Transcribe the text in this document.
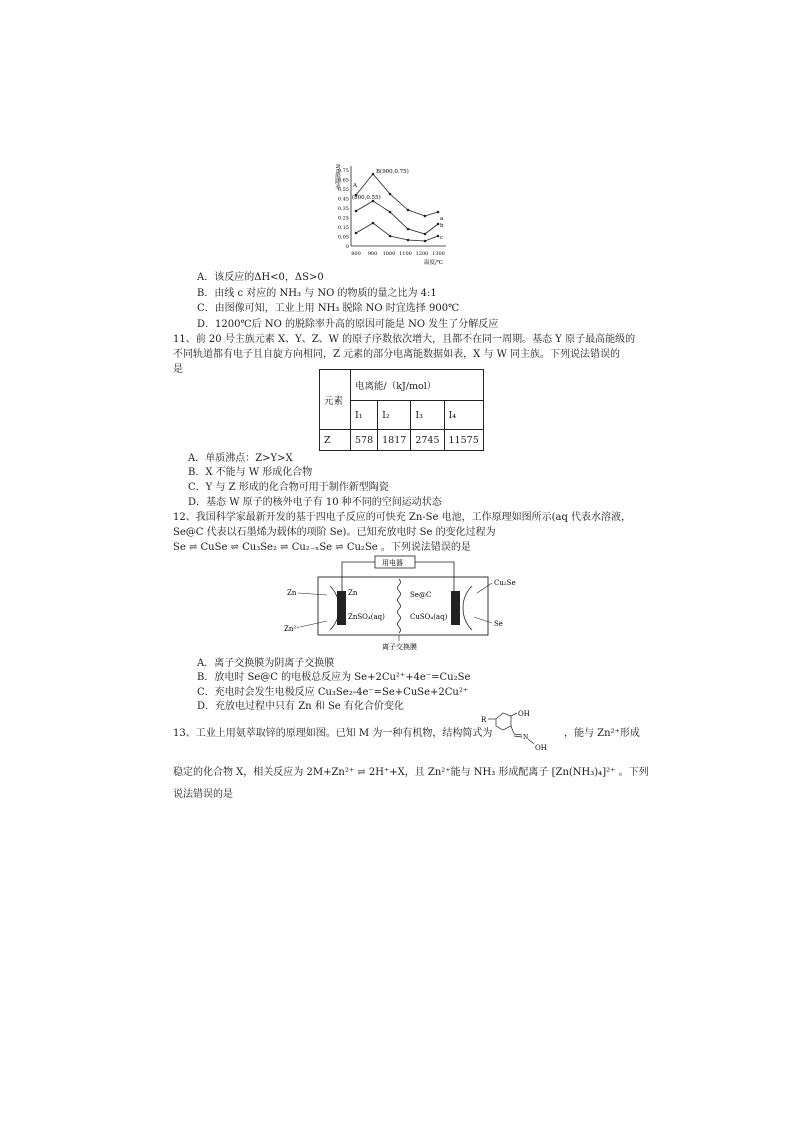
NO脱除率
0.75
0.65
0.55
0.45
0.35
0.25
0.15
0.05
0
800 900 1000 1100 1200 1300
温度/℃
A
(800,0.55)
B(900,0.75)
a
b
c
A．该反应的ΔH<0，ΔS>0
B．由线 c 对应的 NH₃ 与 NO 的物质的量之比为 4:1
C．由图像可知，工业上用 NH₃ 脱除 NO 时宜选择 900℃
D．1200℃后 NO 的脱除率升高的原因可能是 NO 发生了分解反应
11、前 20 号主族元素 X、Y、Z、W 的原子序数依次增大，且都不在同一周期。基态 Y 原子最高能级的
不同轨道都有电子且自旋方向相同，Z 元素的部分电离能数据如表，X 与 W 同主族。下列说法错误的
是
元素	电离能/（kJ/mol）			
	I₁	I₂	I₃	I₄
Z	578	1817	2745	11575
A．单质沸点：Z>Y>X
B．X 不能与 W 形成化合物
C．Y 与 Z 形成的化合物可用于制作新型陶瓷
D．基态 W 原子的核外电子有 10 种不同的空间运动状态
12、我国科学家最新开发的基于四电子反应的可快充 Zn-Se 电池，工作原理如图所示(aq 代表水溶液，
Se@C 代表以石墨烯为载体的项阶 Se)。已知充放电时 Se 的变化过程为
Se ⇌ CuSe ⇌ Cu₃Se₂ ⇌ Cu₂₋ₓSe ⇌ Cu₂Se 。下列说法错误的是
用电器
离子交换膜
Zn
ZnSO₄(aq)
Se@C
CuSO₄(aq)
Zn
Zn²⁺
Cu₂Se
Se
A．离子交换膜为阴离子交换膜
B．放电时 Se@C 的电极总反应为 Se+2Cu²⁺+4e⁻=Cu₂Se
C．充电时会发生电极反应 Cu₃Se₂-4e⁻=Se+CuSe+2Cu²⁺
D．充放电过程中只有 Zn 和 Se 有化合价变化
13、工业上用氨萃取锌的原理如图。已知 M 为一种有机物，结构简式为
R
OH
N
OH
，能与 Zn²⁺形成
稳定的化合物 X，相关反应为 2M+Zn²⁺ ⇌ 2H⁺+X，且 Zn²⁺能与 NH₃ 形成配离子 [Zn(NH₃)₄]²⁺ 。下列
说法错误的是
